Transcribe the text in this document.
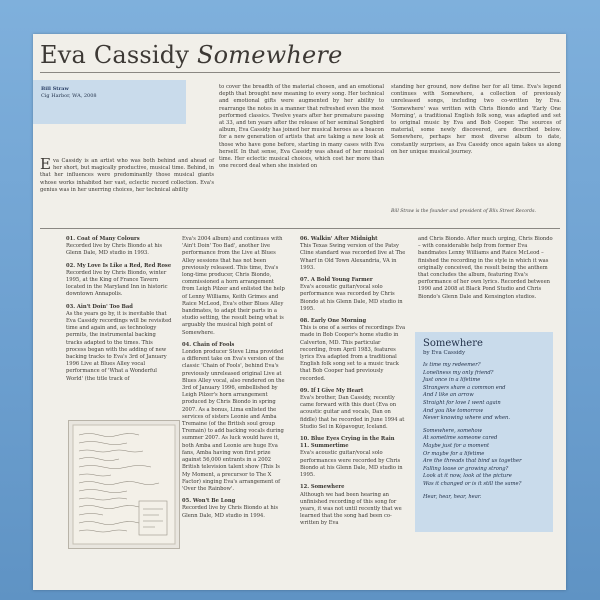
Eva Cassidy Somewhere
Bill Straw
Cig Harbor, WA, 2008
Eva Cassidy is an artist who was both behind and ahead of her short, but magically productive, musical time. Behind, in that her influences were predominantly those musical giants whose works inhabited her vast, eclectic record collection. Eva's genius was in her unerring choices, her technical ability
to cover the breadth of the material chosen, and an emotional depth that brought new meaning to every song. Her technical and emotional gifts were augmented by her ability to rearrange the notes in a manner that refreshed even the most performed classics. Twelve years after her premature passing at 33, and ten years after the release of her seminal Songbird album, Eva Cassidy has joined her musical heroes as a beacon for a new generation of artists that are taking a new look at those who have gone before, starting in many cases with Eva herself. In that sense, Eva Cassidy was ahead of her musical time. Her eclectic musical choices, which cost her more than one record deal when she insisted on
standing her ground, now define her for all time. Eva's legend continues with Somewhere, a collection of previously unreleased songs, including two co-written by Eva. 'Somewhere' was written with Chris Biondo and 'Early One Morning', a traditional English folk song, was adapted and set to original music by Eva and Bob Cooper. The sources of material, some newly discovered, are described below. Somewhere, perhaps her most diverse album to date, constantly surprises, as Eva Cassidy once again takes us along on her unique musical journey.
Bill Straw is the founder and president of Blix Street Records.
01. Coat of Many Colours
Recorded live by Chris Biondo at his Glenn Dale, MD studio in 1993.
02. My Love Is Like a Red, Red Rose
Recorded live by Chris Biondo, winter 1995, at the King of France Tavern located in the Maryland Inn in historic downtown Annapolis.
03. Ain't Doin' Too Bad
As the years go by, it is inevitable that Eva Cassidy recordings will be revisited time and again and, as technology permits, the instrumental backing tracks adapted to the times. This process began with the adding of new backing tracks to Eva's 3rd of January 1996 Live at Blues Alley vocal performance of 'What a Wonderful World' (the title track of
Eva's 2004 album) and continues with 'Ain't Doin' Too Bad', another live performance from the Live at Blues Alley sessions that has not been previously released. This time, Eva's long-time producer, Chris Biondo, commissioned a horn arrangement from Leigh Pilzer and enlisted the help of Lenny Williams, Keith Grimes and Raice McLeod, Eva's other Blues Alley bandmates, to adapt their parts in a studio setting, the result being what is arguably the musical high point of Somewhere.
04. Chain of Fools
London producer Steve Lima provided a different take on Eva's version of the classic 'Chain of Fools', behind Eva's previously unreleased original Live at Blues Alley vocal, also rendered on the 3rd of January 1996, embellished by Leigh Pilzer's horn arrangement produced by Chris Biondo in spring 2007. As a bonus, Lima enlisted the services of sisters Leonie and Amba Tremaine (of the British soul group Tremain) to add backing vocals during summer 2007. As luck would have it, both Amba and Leonie are huge Eva fans, Amba having won first prize against 56,000 entrants in a 2002 British television talent show (This Is My Moment, a precursor to The X Factor) singing Eva's arrangement of 'Over the Rainbow'.
05. Won't Be Long
Recorded live by Chris Biondo at his Glenn Dale, MD studio in 1994.
06. Walkin' After Midnight
This Texas Swing version of the Patsy Cline standard was recorded live at The Wharf in Old Town Alexandria, VA in 1993.
07. A Bold Young Farmer
Eva's acoustic guitar/vocal solo performance was recorded by Chris Biondo at his Glenn Dale, MD studio in 1995.
08. Early One Morning
This is one of a series of recordings Eva made in Bob Cooper's home studio in Calverton, MD. This particular recording, from April 1983, features lyrics Eva adapted from a traditional English folk song set to a music track that Bob Cooper had previously recorded.
09. If I Give My Heart
Eva's brother, Dan Cassidy, recently came forward with this duet (Eva on acoustic guitar and vocals, Dan on fiddle) that he recorded in June 1994 at Studio Sel in Kópavogur, Iceland.
10. Blue Eyes Crying in the Rain
11. Summertime
Eva's acoustic guitar/vocal solo performances were recorded by Chris Biondo at his Glenn Dale, MD studio in 1995.
12. Somewhere
Although we had been hearing an unfinished recording of this song for years, it was not until recently that we learned that the song had been co-written by Eva
and Chris Biondo. After much urging, Chris Biondo – with considerable help from former Eva bandmates Lenny Williams and Raice McLeod – finished the recording in the style in which it was originally conceived, the result being the anthem that concludes the album, featuring Eva's performance of her own lyrics. Recorded between 1990 and 2008 at Black Pond Studio and Chris Biondo's Glenn Dale and Kensington studios.
Somewhere
by Eva Cassidy
Is time my redeemer?
Loneliness my only friend?
Just once in a lifetime
Strangers share a common end
And I like an arrow
Straight for love I went again
And you like tomorrow
Never knowing where and when.
Somewhere, somehow
At sometime someone cared
Maybe just for a moment
Or maybe for a lifetime
Are the threads that bind us together
Falling loose or growing strong?
Look at it now, look at the picture
Was it changed or is it still the same?
Hear, hear, hear, hear.
